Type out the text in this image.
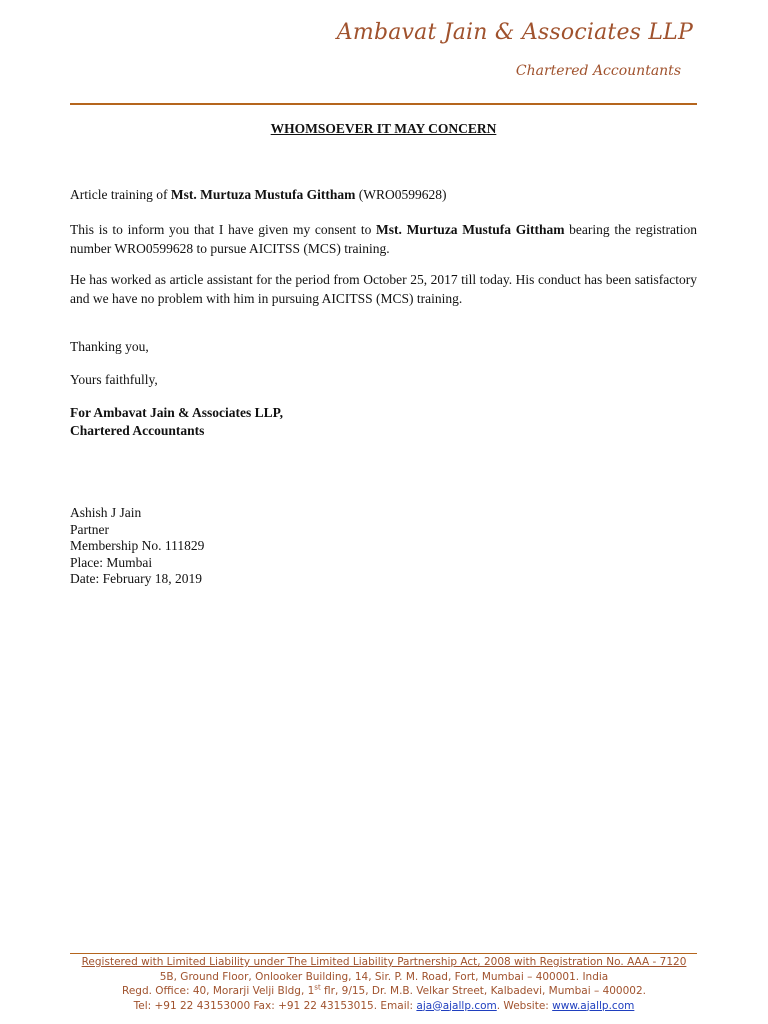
Ambavat Jain & Associates LLP
Chartered Accountants
WHOMSOEVER IT MAY CONCERN
Article training of Mst. Murtuza Mustufa Gittham (WRO0599628)

This is to inform you that I have given my consent to Mst. Murtuza Mustufa Gittham bearing the registration number WRO0599628 to pursue AICITSS (MCS) training.

He has worked as article assistant for the period from October 25, 2017 till today. His conduct has been satisfactory and we have no problem with him in pursuing AICITSS (MCS) training.

Thanking you,
Yours faithfully,
For Ambavat Jain & Associates LLP,
Chartered Accountants
Ashish J Jain
Partner
Membership No. 111829
Place: Mumbai
Date: February 18, 2019
Registered with Limited Liability under The Limited Liability Partnership Act, 2008 with Registration No. AAA - 7120
5B, Ground Floor, Onlooker Building, 14, Sir. P. M. Road, Fort, Mumbai – 400001. India
Regd. Office: 40, Morarji Velji Bldg, 1st flr, 9/15, Dr. M.B. Velkar Street, Kalbadevi, Mumbai – 400002.
Tel: +91 22 43153000 Fax: +91 22 43153015. Email: aja@ajallp.com. Website: www.ajallp.com
